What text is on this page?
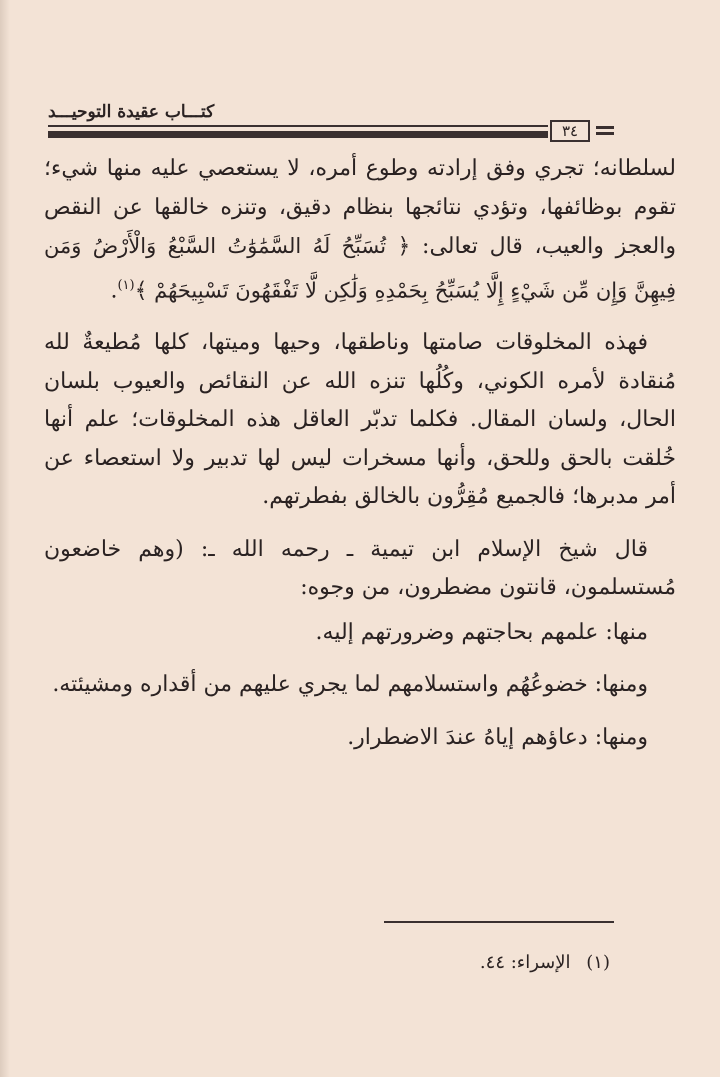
كتـــاب عقيدة التوحيـــد
٣٤

لسلطانه؛ تجري وفق إرادته وطوع أمره، لا يستعصي عليه منها شيء؛ تقوم بوظائفها، وتؤدي نتائجها بنظام دقيق، وتنزه خالقها عن النقص والعجز والعيب، قال تعالى: ﴿ تُسَبِّحُ لَهُ السَّمَٰوَٰتُ السَّبْعُ وَالْأَرْضُ وَمَن فِيهِنَّ وَإِن مِّن شَيْءٍ إِلَّا يُسَبِّحُ بِحَمْدِهِ وَلَٰكِن لَّا تَفْقَهُونَ تَسْبِيحَهُمْ ﴾$^{(١)}$.

فهذه المخلوقات صامتها وناطقها، وحيها وميتها، كلها مُطيعةٌ لله مُنقادة لأمره الكوني، وكُلُها تنزه الله عن النقائص والعيوب بلسان الحال، ولسان المقال. فكلما تدبّر العاقل هذه المخلوقات؛ علم أنها خُلقت بالحق وللحق، وأنها مسخرات ليس لها تدبير ولا استعصاء عن أمر مدبرها؛ فالجميع مُقِرُّون بالخالق بفطرتهم.

قال شيخ الإسلام ابن تيمية ـ رحمه الله ـ: (وهم خاضعون مُستسلمون، قانتون مضطرون، من وجوه:

منها: علمهم بحاجتهم وضرورتهم إليه.

ومنها: خضوعُهُم واستسلامهم لما يجري عليهم من أقداره ومشيئته.

ومنها: دعاؤهم إياهُ عندَ الاضطرار.

(١) الإسراء: ٤٤.
